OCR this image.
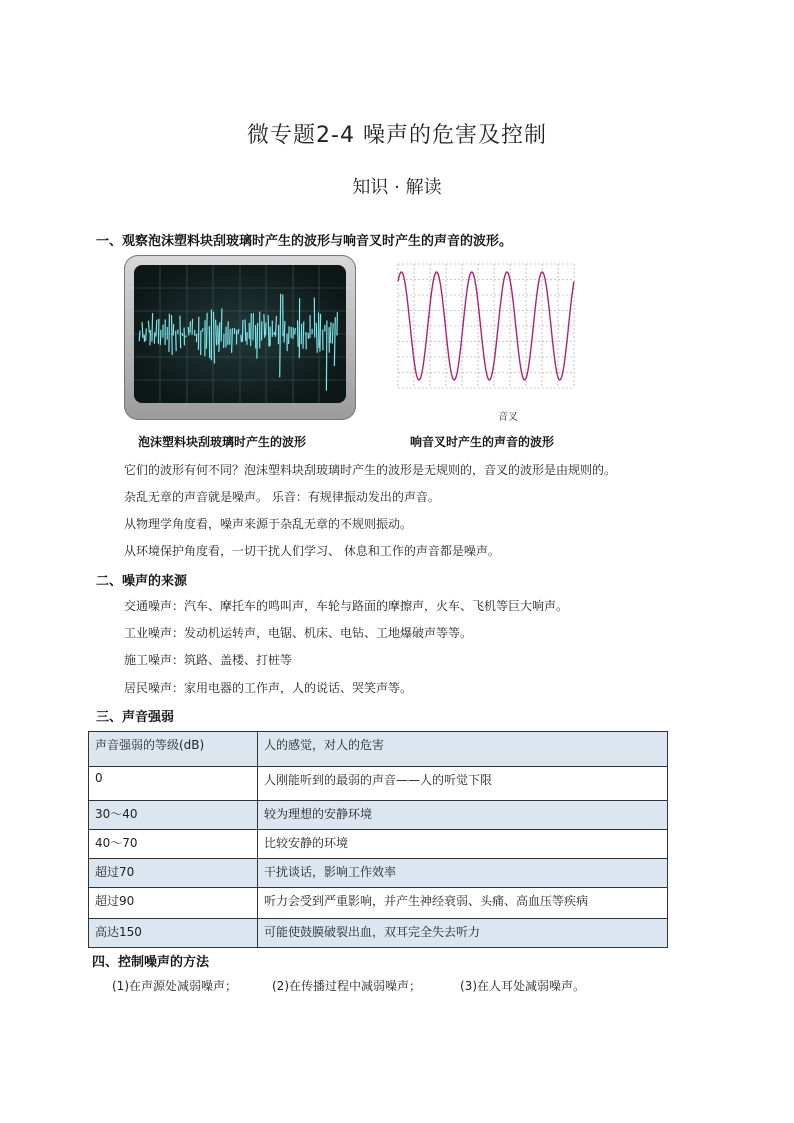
微专题2-4 噪声的危害及控制
知识 · 解读
一、观察泡沫塑料块刮玻璃时产生的波形与响音叉时产生的声音的波形。
音叉
泡沫塑料块刮玻璃时产生的波形	响音叉时产生的声音的波形
它们的波形有何不同？泡沫塑料块刮玻璃时产生的波形是无规则的，音叉的波形是由规则的。
杂乱无章的声音就是噪声。 乐音：有规律振动发出的声音。
从物理学角度看，噪声来源于杂乱无章的不规则振动。
从环境保护角度看，一切干扰人们学习、 休息和工作的声音都是噪声。
二、噪声的来源
交通噪声：汽车、摩托车的鸣叫声，车轮与路面的摩擦声，火车、飞机等巨大响声。
工业噪声：发动机运转声，电锯、机床、电钻、工地爆破声等等。
施工噪声：筑路、盖楼、打桩等
居民噪声：家用电器的工作声，人的说话、哭笑声等。
三、声音强弱
声音强弱的等级(dB)	人的感觉，对人的危害
0	人刚能听到的最弱的声音——人的听觉下限
30～40	较为理想的安静环境
40～70	比较安静的环境
超过70	干扰谈话，影响工作效率
超过90	听力会受到严重影响，并产生神经衰弱、头痛、高血压等疾病
高达150	可能使鼓膜破裂出血，双耳完全失去听力
四、控制噪声的方法
(1)在声源处减弱噪声；	(2)在传播过程中减弱噪声；	(3)在人耳处减弱噪声。
